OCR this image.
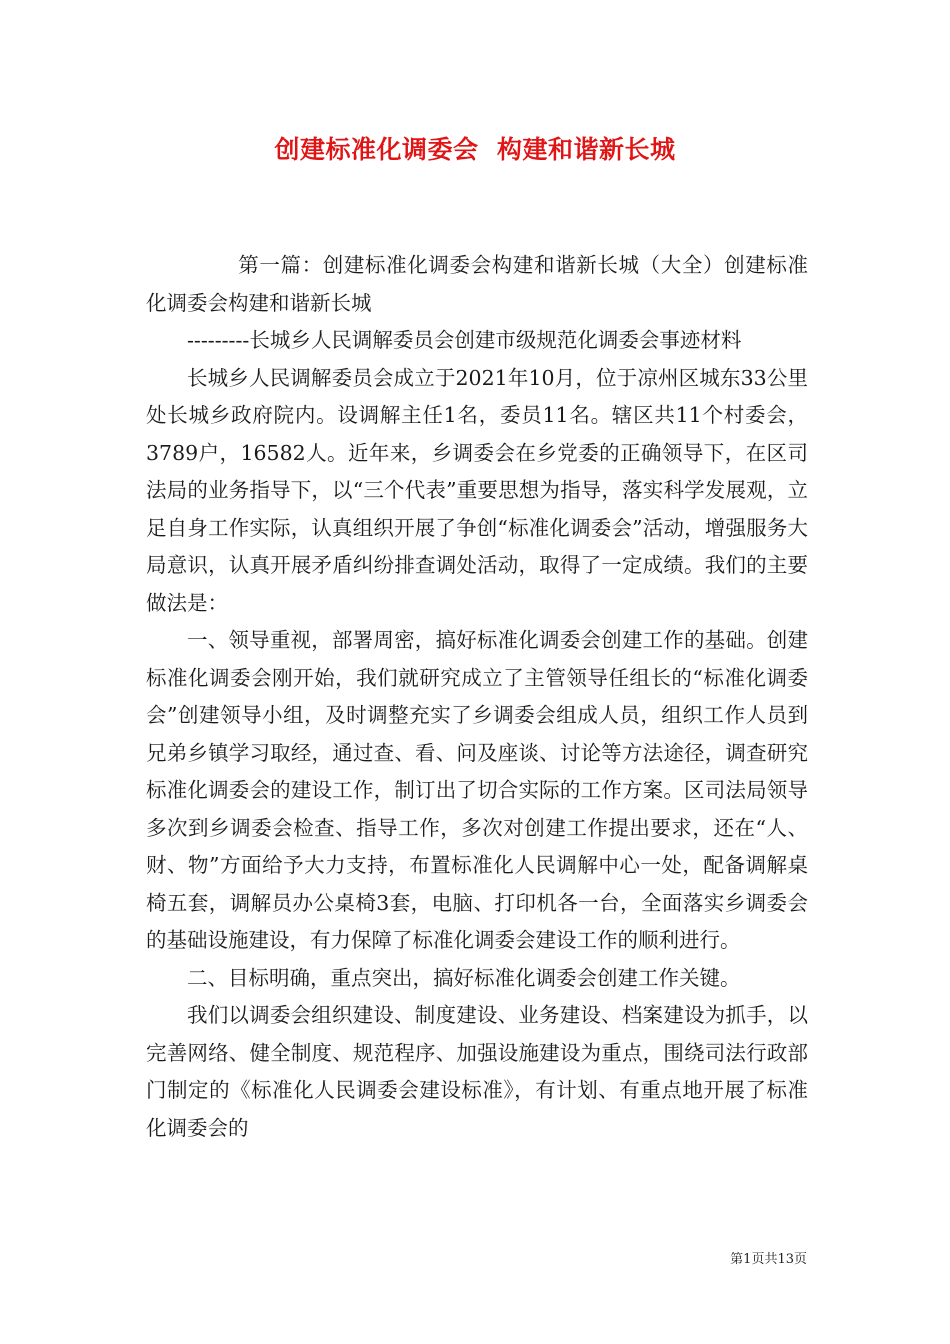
创建标准化调委会  构建和谐新长城

第一篇：创建标准化调委会构建和谐新长城（大全）创建标准化调委会构建和谐新长城

---------长城乡人民调解委员会创建市级规范化调委会事迹材料

长城乡人民调解委员会成立于2021年10月，位于凉州区城东33公里处长城乡政府院内。设调解主任1名，委员11名。辖区共11个村委会，3789户，16582人。近年来，乡调委会在乡党委的正确领导下，在区司法局的业务指导下，以“三个代表”重要思想为指导，落实科学发展观，立足自身工作实际，认真组织开展了争创“标准化调委会”活动，增强服务大局意识，认真开展矛盾纠纷排查调处活动，取得了一定成绩。我们的主要做法是：

一、领导重视，部署周密，搞好标准化调委会创建工作的基础。创建标准化调委会刚开始，我们就研究成立了主管领导任组长的“标准化调委会”创建领导小组，及时调整充实了乡调委会组成人员，组织工作人员到兄弟乡镇学习取经，通过查、看、问及座谈、讨论等方法途径，调查研究标准化调委会的建设工作，制订出了切合实际的工作方案。区司法局领导多次到乡调委会检查、指导工作，多次对创建工作提出要求，还在“人、财、物”方面给予大力支持，布置标准化人民调解中心一处，配备调解桌椅五套，调解员办公桌椅3套，电脑、打印机各一台，全面落实乡调委会的基础设施建设，有力保障了标准化调委会建设工作的顺利进行。

二、目标明确，重点突出，搞好标准化调委会创建工作关键。

我们以调委会组织建设、制度建设、业务建设、档案建设为抓手，以完善网络、健全制度、规范程序、加强设施建设为重点，围绕司法行政部门制定的《标准化人民调委会建设标准》，有计划、有重点地开展了标准化调委会的

第1页共13页
